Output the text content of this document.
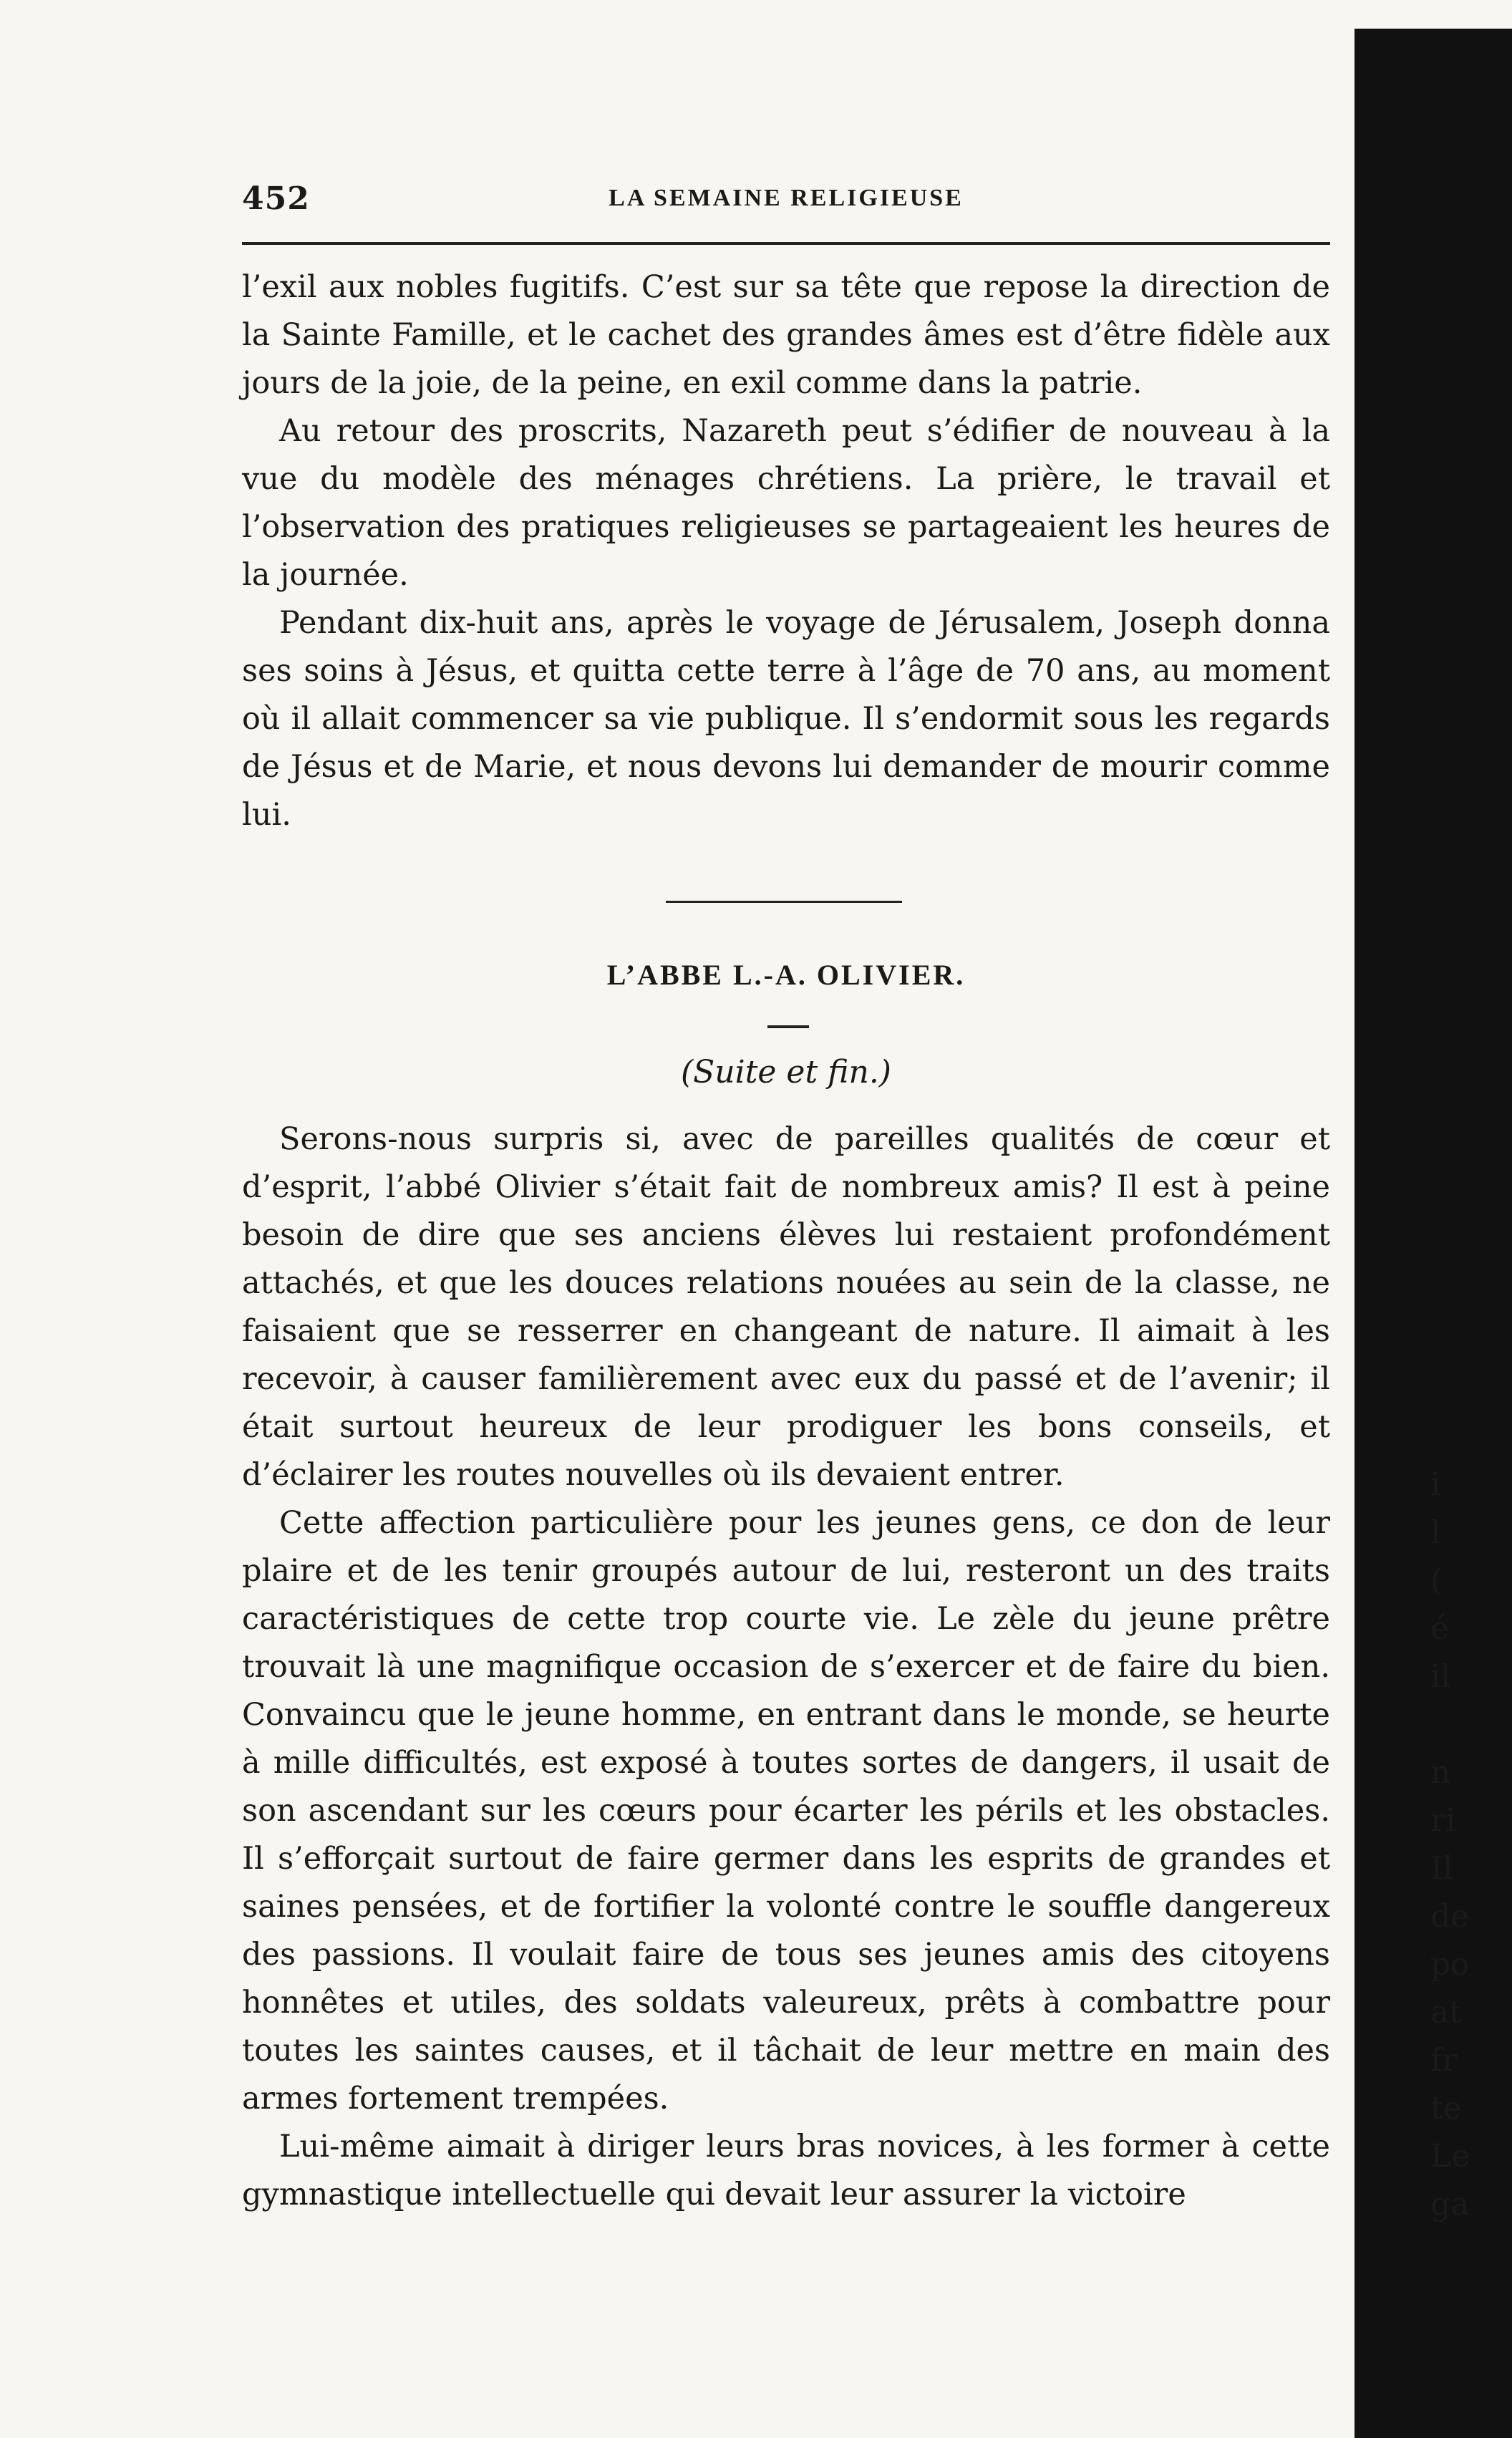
i
l
(
é
il
n
ri
Il
de
po
at
fr
te
Le
ga
452	LA SEMAINE RELIGIEUSE

l’exil aux nobles fugitifs. C’est sur sa tête que repose la direction de la Sainte Famille, et le cachet des grandes âmes est d’être fidèle aux jours de la joie, de la peine, en exil comme dans la patrie.

Au retour des proscrits, Nazareth peut s’édifier de nouveau à la vue du modèle des ménages chrétiens. La prière, le travail et l’observation des pratiques religieuses se partageaient les heures de la journée.

Pendant dix-huit ans, après le voyage de Jérusalem, Joseph donna ses soins à Jésus, et quitta cette terre à l’âge de 70 ans, au moment où il allait commencer sa vie publique. Il s’endormit sous les regards de Jésus et de Marie, et nous devons lui demander de mourir comme lui.

L’ABBE L.-A. OLIVIER.
(Suite et fin.)

Serons-nous surpris si, avec de pareilles qualités de cœur et d’esprit, l’abbé Olivier s’était fait de nombreux amis? Il est à peine besoin de dire que ses anciens élèves lui restaient profondément attachés, et que les douces relations nouées au sein de la classe, ne faisaient que se resserrer en changeant de nature. Il aimait à les recevoir, à causer familièrement avec eux du passé et de l’avenir; il était surtout heureux de leur prodiguer les bons conseils, et d’éclairer les routes nouvelles où ils devaient entrer.

Cette affection particulière pour les jeunes gens, ce don de leur plaire et de les tenir groupés autour de lui, resteront un des traits caractéristiques de cette trop courte vie. Le zèle du jeune prêtre trouvait là une magnifique occasion de s’exercer et de faire du bien. Convaincu que le jeune homme, en entrant dans le monde, se heurte à mille difficultés, est exposé à toutes sortes de dangers, il usait de son ascendant sur les cœurs pour écarter les périls et les obstacles. Il s’efforçait surtout de faire germer dans les esprits de grandes et saines pensées, et de fortifier la volonté contre le souffle dangereux des passions. Il voulait faire de tous ses jeunes amis des citoyens honnêtes et utiles, des soldats valeureux, prêts à combattre pour toutes les saintes causes, et il tâchait de leur mettre en main des armes fortement trempées.

Lui-même aimait à diriger leurs bras novices, à les former à cette gymnastique intellectuelle qui devait leur assurer la victoire
